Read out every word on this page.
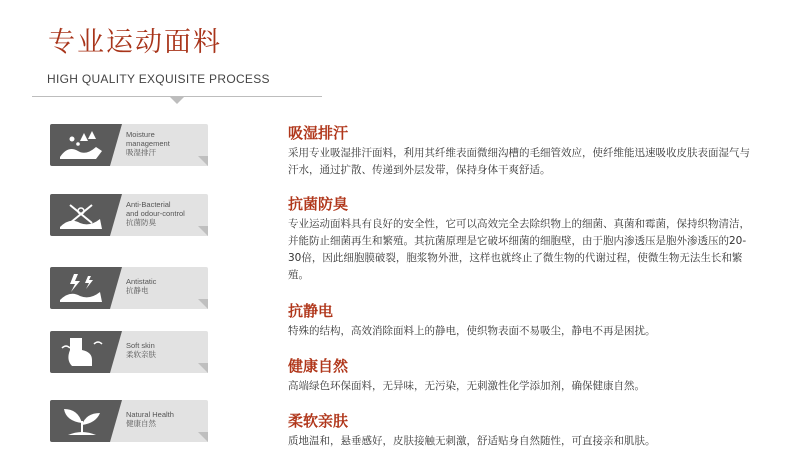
专业运动面料
HIGH QUALITY EXQUISITE PROCESS
Moisture
management
吸湿排汗
Anti-Bacterial
and odour-control
抗菌防臭
Antistatic
抗静电
Soft skin
柔软亲肤
Natural Health
健康自然
吸湿排汗

采用专业吸湿排汗面料，利用其纤维表面微细沟槽的毛细管效应，使纤维能迅速吸收皮肤表面湿气与汗水，通过扩散、传递到外层发带，保持身体干爽舒适。

抗菌防臭

专业运动面料具有良好的安全性，它可以高效完全去除织物上的细菌、真菌和霉菌，保持织物清洁，并能防止细菌再生和繁殖。其抗菌原理是它破坏细菌的细胞壁，由于胞内渗透压是胞外渗透压的20-30倍，因此细胞膜破裂，胞浆物外泄，这样也就终止了微生物的代谢过程，使微生物无法生长和繁殖。

抗静电

特殊的结构，高效消除面料上的静电，使织物表面不易吸尘，静电不再是困扰。

健康自然

高端绿色环保面料，无异味，无污染，无刺激性化学添加剂，确保健康自然。

柔软亲肤

质地温和，悬垂感好，皮肤接触无刺激，舒适贴身自然随性，可直接亲和肌肤。
